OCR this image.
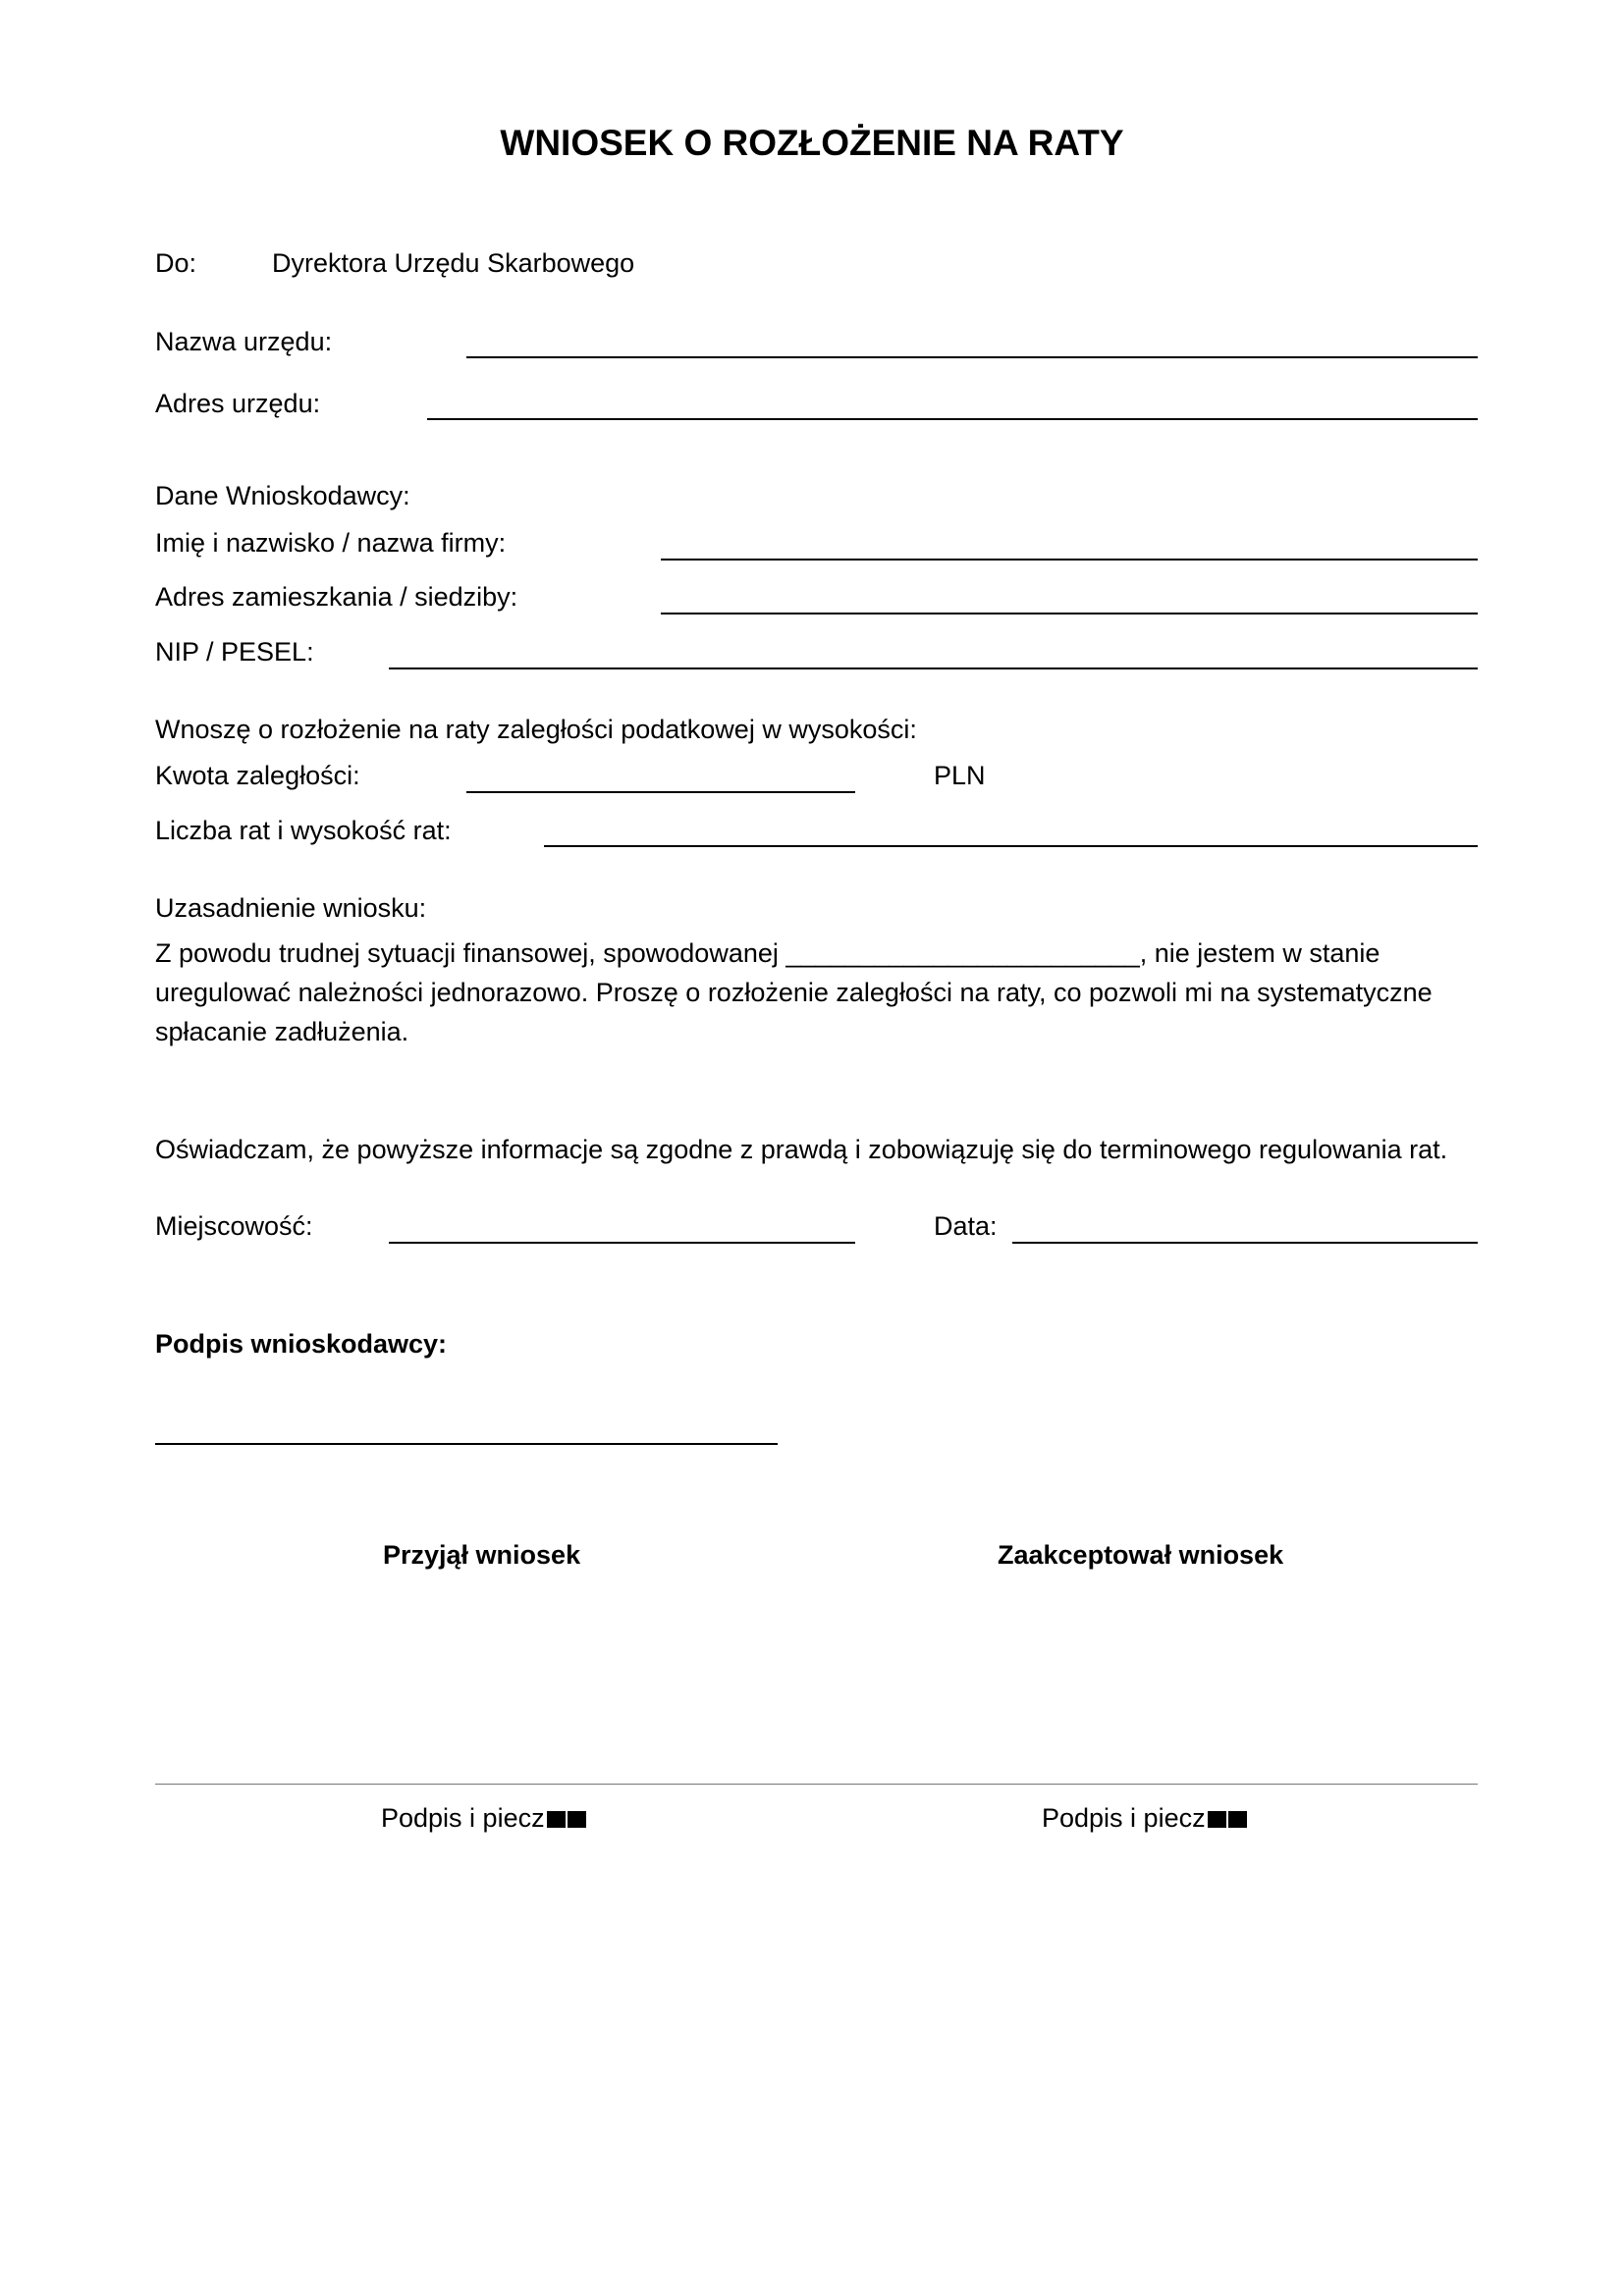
WNIOSEK O ROZŁOŻENIE NA RATY
Do:	Dyrektora Urzędu Skarbowego
Nazwa urzędu:
Adres urzędu:
Dane Wnioskodawcy:
Imię i nazwisko / nazwa firmy:
Adres zamieszkania / siedziby:
NIP / PESEL:
Wnoszę o rozłożenie na raty zaległości podatkowej w wysokości:
Kwota zaległości:	PLN
Liczba rat i wysokość rat:
Uzasadnienie wniosku:
Z powodu trudnej sytuacji finansowej, spowodowanej ________________________, nie jestem w stanie uregulować należności jednorazowo. Proszę o rozłożenie zaległości na raty, co pozwoli mi na systematyczne spłacanie zadłużenia.
Oświadczam, że powyższe informacje są zgodne z prawdą i zobowiązuję się do terminowego regulowania rat.
Miejscowość:	Data:
Podpis wnioskodawcy:
Przyjął wniosek	Zaakceptował wniosek
Podpis i piecz	Podpis i piecz
